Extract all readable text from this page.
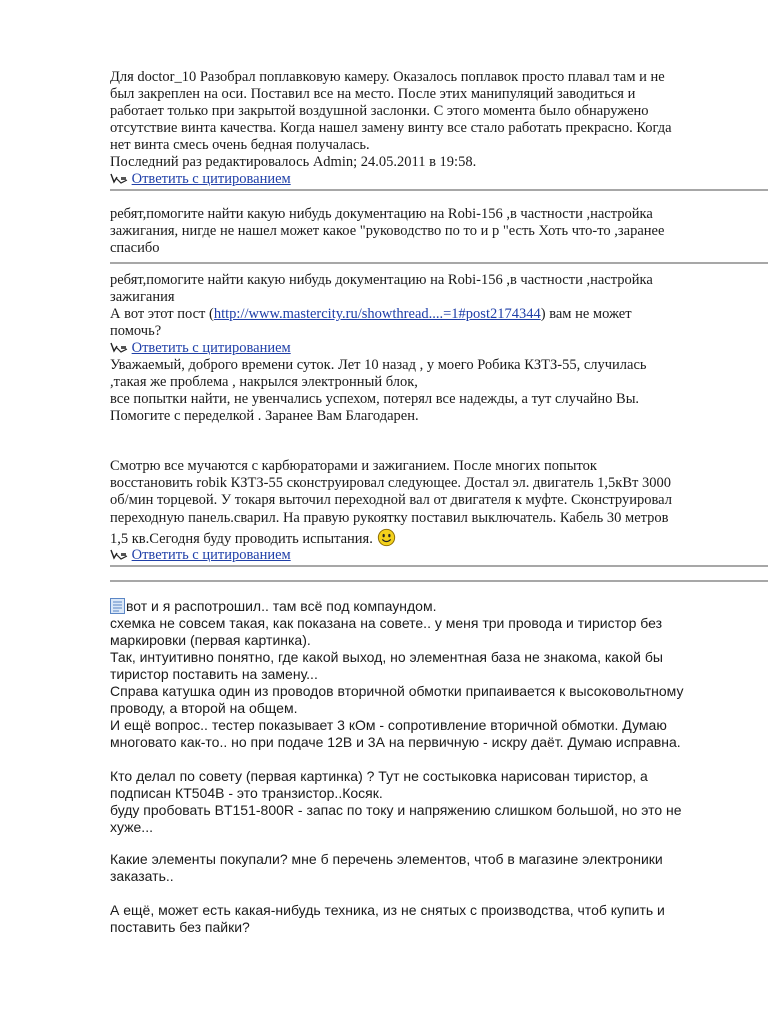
Для doctor_10 Разобрал поплавковую камеру. Оказалось поплавок просто плавал там и не
был закреплен на оси. Поставил все на место. После этих манипуляций заводиться и
работает только при закрытой воздушной заслонки. С этого момента было обнаружено
отсутствие винта качества. Когда нашел замену винту все стало работать прекрасно. Когда
нет винта смесь очень бедная получалась.
Последний раз редактировалось Admin; 24.05.2011 в 19:58.
Ответить с цитированием
ребят,помогите найти какую нибудь документацию на Robi-156 ,в частности ,настройка
зажигания, нигде не нашел может какое "руководство по то и р "есть Хоть что-то ,заранее
спасибо
ребят,помогите найти какую нибудь документацию на Robi-156 ,в частности ,настройка
зажигания
А вот этот пост (http://www.mastercity.ru/showthread....=1#post2174344) вам не может
помочь?
Ответить с цитированием
Уважаемый, доброго времени суток. Лет 10 назад , у моего Робика КЗТЗ-55, случилась
,такая же проблема , накрылся электронный блок,
все попытки найти, не увенчались успехом, потерял все надежды, а тут случайно Вы.
Помогите с переделкой . Заранее Вам Благодарен.
Смотрю все мучаются с карбюраторами и зажиганием. После многих попыток
восстановить robik КЗТЗ-55 сконструировал следующее. Достал эл. двигатель 1,5кВт 3000
об/мин торцевой. У токаря выточил переходной вал от двигателя к муфте. Сконструировал
переходную панель.сварил. На правую рукоятку поставил выключатель. Кабель 30 метров
1,5 кв.Сегодня буду проводить испытания.
Ответить с цитированием
вот и я распотрошил.. там всё под компаундом.
схемка не совсем такая, как показана на совете.. у меня три провода и тиристор без
маркировки (первая картинка).
Так, интуитивно понятно, где какой выход, но элементная база не знакома, какой бы
тиристор поставить на замену...
Справа катушка один из проводов вторичной обмотки припаивается к высоковольтному
проводу, а второй на общем.
И ещё вопрос.. тестер показывает 3 кОм - сопротивление вторичной обмотки. Думаю
многовато как-то.. но при подаче 12В и 3А на первичную - искру даёт. Думаю исправна.
Кто делал по совету (первая картинка) ? Тут не состыковка нарисован тиристор, а
подписан КТ504В - это транзистор..Косяк.
буду пробовать BT151-800R - запас по току и напряжению слишком большой, но это не
хуже...
Какие элементы покупали? мне б перечень элементов, чтоб в магазине электроники
заказать..
А ещё, может есть какая-нибудь техника, из не снятых с производства, чтоб купить и
поставить без пайки?
